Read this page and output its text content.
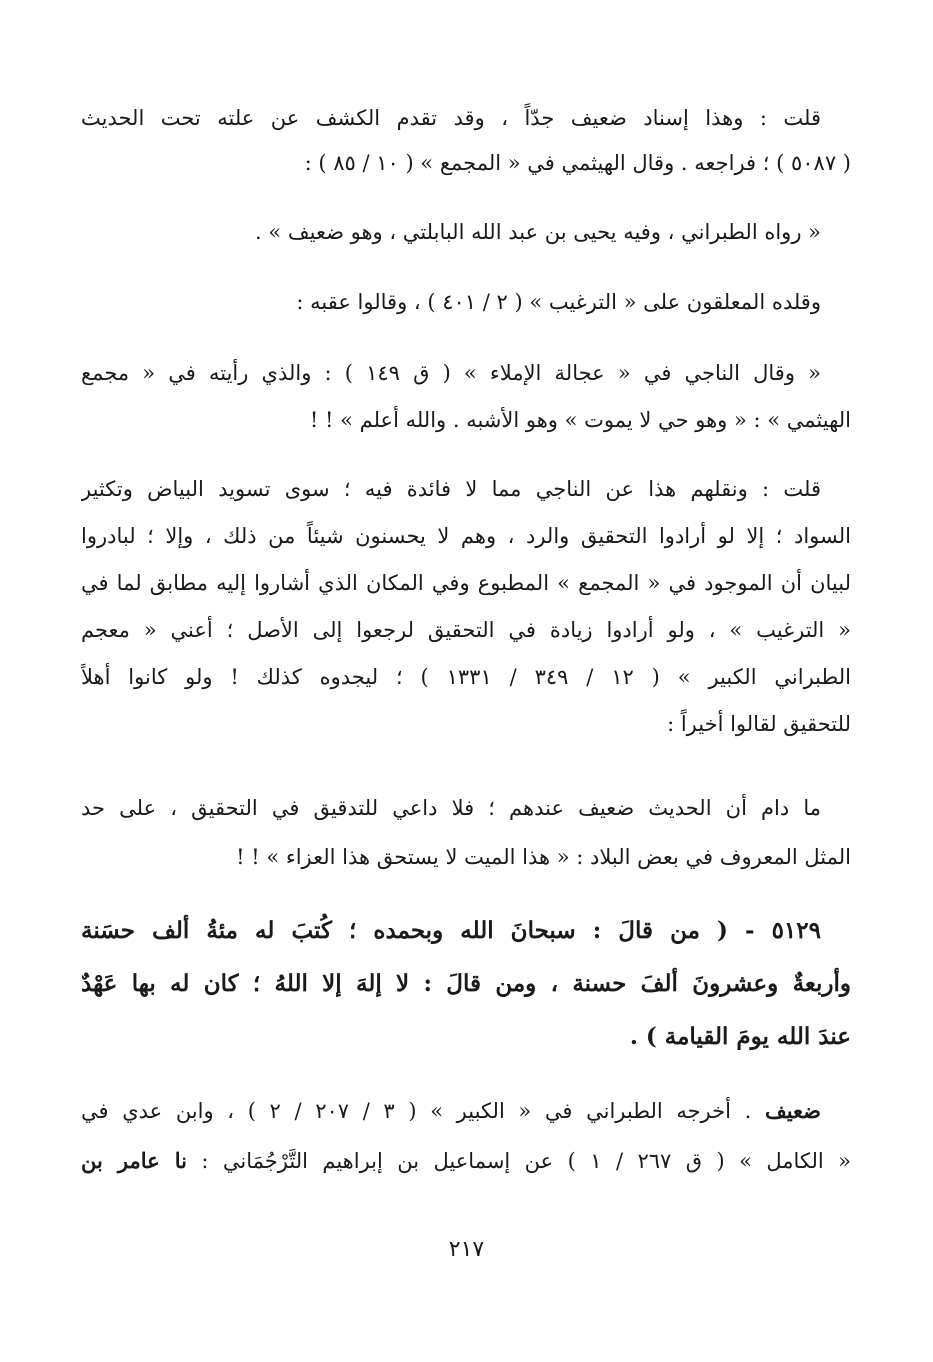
قلت : وهذا إسناد ضعيف جدّاً ، وقد تقدم الكشف عن علته تحت الحديث
( ٥٠٨٧ ) ؛ فراجعه . وقال الهيثمي في « المجمع » ( ١٠ / ٨٥ ) :
« رواه الطبراني ، وفيه يحيى بن عبد الله البابلتي ، وهو ضعيف » .
وقلده المعلقون على « الترغيب » ( ٢ / ٤٠١ ) ، وقالوا عقبه :
« وقال الناجي في « عجالة الإملاء » ( ق ١٤٩ ) : والذي رأيته في « مجمع
الهيثمي » : « وهو حي لا يموت » وهو الأشبه . والله أعلم » ! !
قلت : ونقلهم هذا عن الناجي مما لا فائدة فيه ؛ سوى تسويد البياض وتكثير
السواد ؛ إلا لو أرادوا التحقيق والرد ، وهم لا يحسنون شيئاً من ذلك ، وإلا ؛ لبادروا
لبيان أن الموجود في « المجمع » المطبوع وفي المكان الذي أشاروا إليه مطابق لما في
« الترغيب » ، ولو أرادوا زيادة في التحقيق لرجعوا إلى الأصل ؛ أعني « معجم
الطبراني الكبير » ( ١٢ / ٣٤٩ / ١٣٣١ ) ؛ ليجدوه كذلك ! ولو كانوا أهلاً
للتحقيق لقالوا أخيراً :
ما دام أن الحديث ضعيف عندهم ؛ فلا داعي للتدقيق في التحقيق ، على حد
المثل المعروف في بعض البلاد : « هذا الميت لا يستحق هذا العزاء » ! !
٥١٢٩ - ( من قالَ : سبحانَ الله وبحمده ؛ كُتبَ له مئةُ ألف حسَنة
وأربعةٌ وعشرونَ ألفَ حسنة ، ومن قالَ : لا إلهَ إلا اللهُ ؛ كان له بها عَهْدٌ
عندَ الله يومَ القيامة ) .
ضعيف . أخرجه الطبراني في « الكبير » ( ٣ / ٢٠٧ / ٢ ) ، وابن عدي في
« الكامل » ( ق ٢٦٧ / ١ ) عن إسماعيل بن إبراهيم التَّرْجُمَاني : نا عامر بن
٢١٧
